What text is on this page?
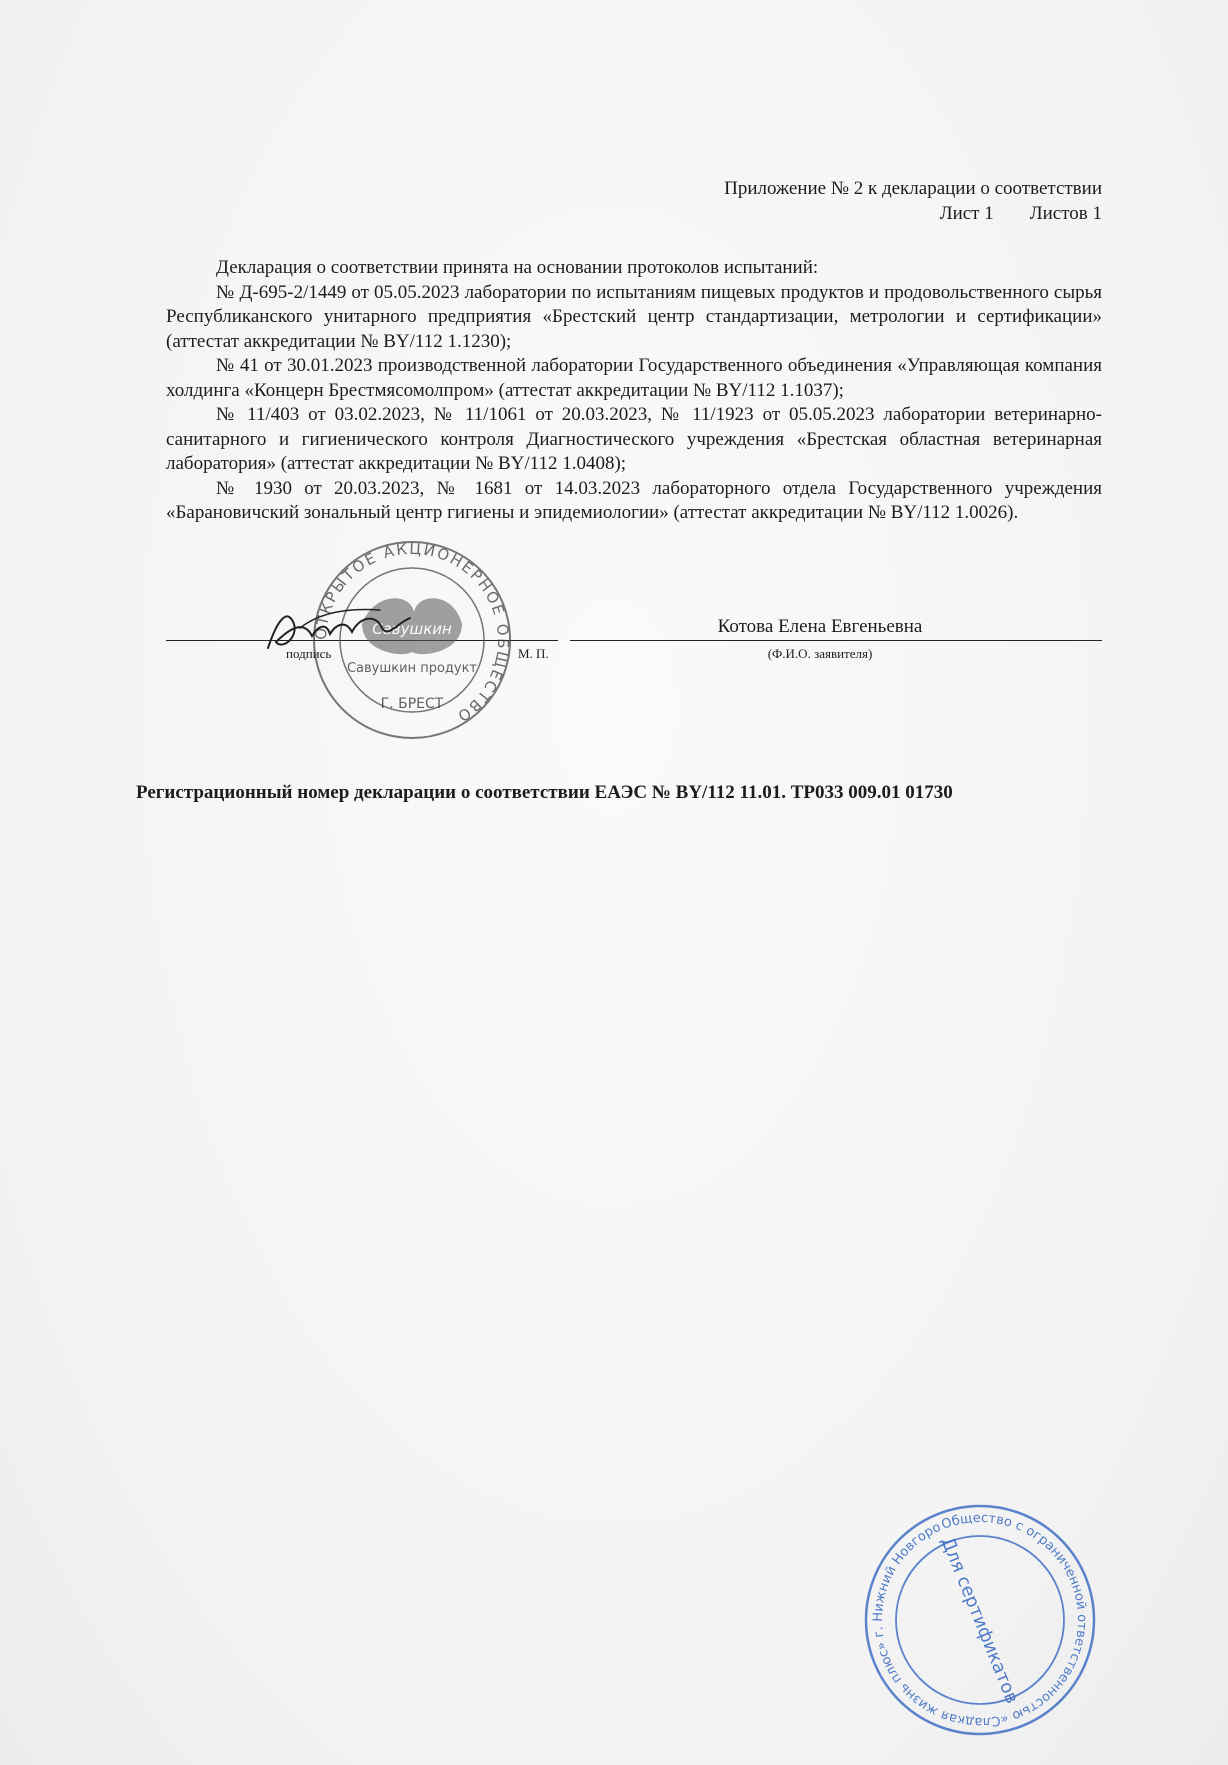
Приложение № 2 к декларации о соответствии
Лист 1 Листов 1

Декларация о соответствии принята на основании протоколов испытаний:

№ Д-695-2/1449 от 05.05.2023 лаборатории по испытаниям пищевых продуктов и продовольственного сырья Республиканского унитарного предприятия «Брестский центр стандартизации, метрологии и сертификации» (аттестат аккредитации № BY/112 1.1230);

№ 41 от 30.01.2023 производственной лаборатории Государственного объединения «Управляющая компания холдинга «Концерн Брестмясомолпром» (аттестат аккредитации № BY/112 1.1037);

№ 11/403 от 03.02.2023, № 11/1061 от 20.03.2023, № 11/1923 от 05.05.2023 лаборатории ветеринарно-санитарного и гигиенического контроля Диагностического учреждения «Брестская областная ветеринарная лаборатория» (аттестат аккредитации № BY/112 1.0408);

№ 1930 от 20.03.2023, № 1681 от 14.03.2023 лабораторного отдела Государственного учреждения «Барановичский зональный центр гигиены и эпидемиологии» (аттестат аккредитации № BY/112 1.0026).

Котова Елена Евгеньевна
подпись	М. П.	(Ф.И.О. заявителя)
ОТКРЫТОЕ АКЦИОНЕРНОЕ ОБЩЕСТВО
Савушкин
Савушкин продукт
Г. БРЕСТ
Регистрационный номер декларации о соответствии ЕАЭС № BY/112 11.01. ТР033 009.01 01730
Общество с ограниченной ответственностью «Сладкая жизнь плюс» г. Нижний Новгород
Для сертификатов
